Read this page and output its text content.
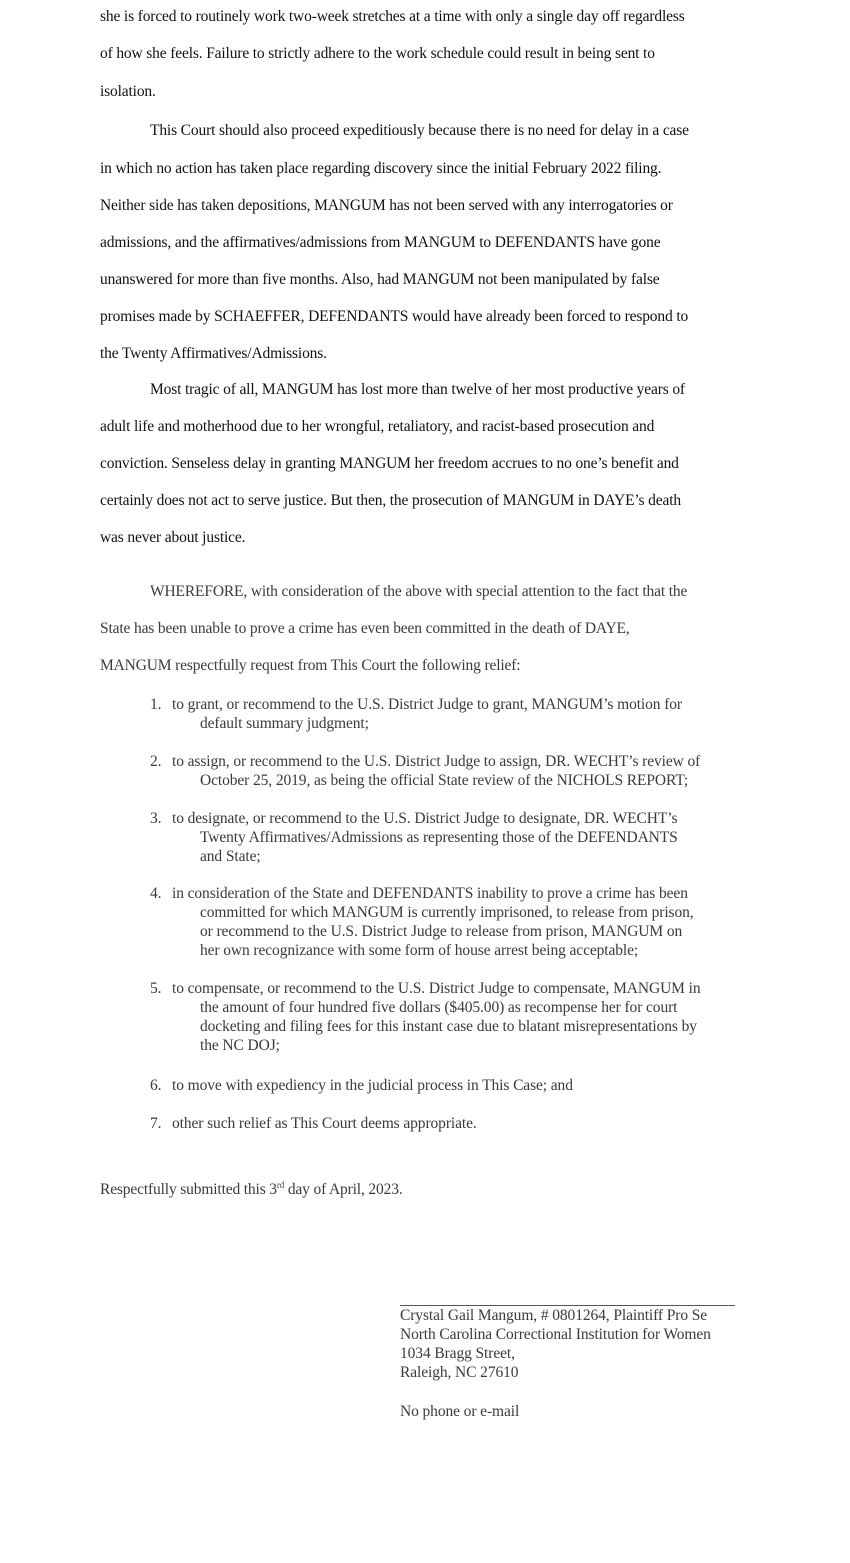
she is forced to routinely work two-week stretches at a time with only a single day off regardless
of how she feels. Failure to strictly adhere to the work schedule could result in being sent to
isolation.
This Court should also proceed expeditiously because there is no need for delay in a case
in which no action has taken place regarding discovery since the initial February 2022 filing.
Neither side has taken depositions, MANGUM has not been served with any interrogatories or
admissions, and the affirmatives/admissions from MANGUM to DEFENDANTS have gone
unanswered for more than five months. Also, had MANGUM not been manipulated by false
promises made by SCHAEFFER, DEFENDANTS would have already been forced to respond to
the Twenty Affirmatives/Admissions.
Most tragic of all, MANGUM has lost more than twelve of her most productive years of
adult life and motherhood due to her wrongful, retaliatory, and racist-based prosecution and
conviction. Senseless delay in granting MANGUM her freedom accrues to no one’s benefit and
certainly does not act to serve justice. But then, the prosecution of MANGUM in DAYE’s death
was never about justice.
WHEREFORE, with consideration of the above with special attention to the fact that the
State has been unable to prove a crime has even been committed in the death of DAYE,
MANGUM respectfully request from This Court the following relief:
1. to grant, or recommend to the U.S. District Judge to grant, MANGUM’s motion for
default summary judgment;
2. to assign, or recommend to the U.S. District Judge to assign, DR. WECHT’s review of
October 25, 2019, as being the official State review of the NICHOLS REPORT;
3. to designate, or recommend to the U.S. District Judge to designate, DR. WECHT’s
Twenty Affirmatives/Admissions as representing those of the DEFENDANTS
and State;
4. in consideration of the State and DEFENDANTS inability to prove a crime has been
committed for which MANGUM is currently imprisoned, to release from prison,
or recommend to the U.S. District Judge to release from prison, MANGUM on
her own recognizance with some form of house arrest being acceptable;
5. to compensate, or recommend to the U.S. District Judge to compensate, MANGUM in
the amount of four hundred five dollars ($405.00) as recompense her for court
docketing and filing fees for this instant case due to blatant misrepresentations by
the NC DOJ;
6. to move with expediency in the judicial process in This Case; and
7. other such relief as This Court deems appropriate.
Respectfully submitted this 3rd day of April, 2023.
Crystal Gail Mangum, # 0801264, Plaintiff Pro Se
North Carolina Correctional Institution for Women
1034 Bragg Street,
Raleigh, NC 27610
No phone or e-mail
